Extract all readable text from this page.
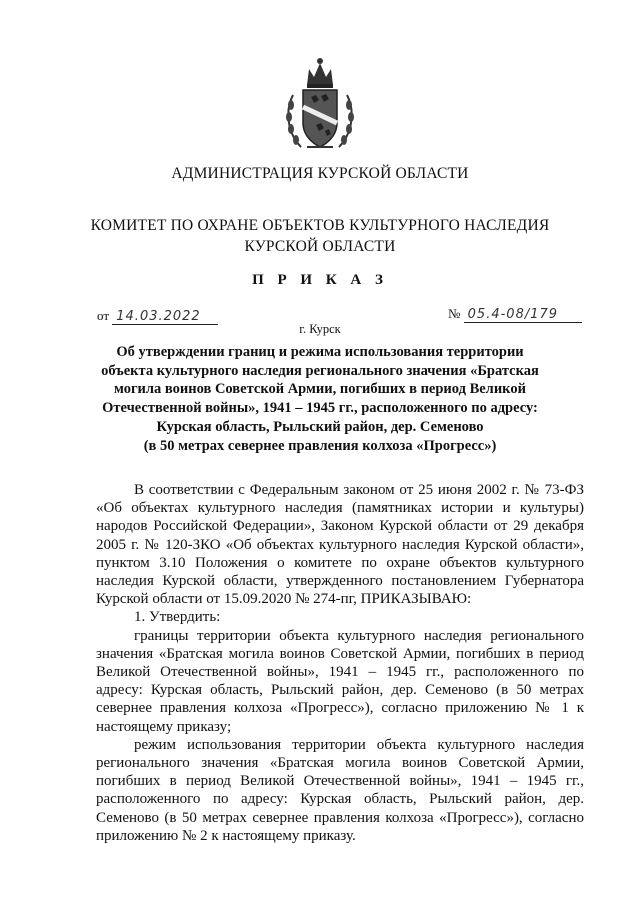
АДМИНИСТРАЦИЯ КУРСКОЙ ОБЛАСТИ
КОМИТЕТ ПО ОХРАНЕ ОБЪЕКТОВ КУЛЬТУРНОГО НАСЛЕДИЯ
КУРСКОЙ ОБЛАСТИ
П Р И К А З
от 14.03.2022	№ 05.4-08/179
г. Курск
Об утверждении границ и режима использования территории
объекта культурного наследия регионального значения «Братская
могила воинов Советской Армии, погибших в период Великой
Отечественной войны», 1941 – 1945 гг., расположенного по адресу:
Курская область, Рыльский район, дер. Семеново
(в 50 метрах севернее правления колхоза «Прогресс»)

В соответствии с Федеральным законом от 25 июня 2002 г. № 73-ФЗ «Об объектах культурного наследия (памятниках истории и культуры) народов Российской Федерации», Законом Курской области от 29 декабря 2005 г. № 120-ЗКО «Об объектах культурного наследия Курской области», пунктом 3.10 Положения о комитете по охране объектов культурного наследия Курской области, утвержденного постановлением Губернатора Курской области от 15.09.2020 № 274-пг, ПРИКАЗЫВАЮ:

1. Утвердить:

границы территории объекта культурного наследия регионального значения «Братская могила воинов Советской Армии, погибших в период Великой Отечественной войны», 1941 – 1945 гг., расположенного по адресу: Курская область, Рыльский район, дер. Семеново (в 50 метрах севернее правления колхоза «Прогресс»), согласно приложению № 1 к настоящему приказу;

режим использования территории объекта культурного наследия регионального значения «Братская могила воинов Советской Армии, погибших в период Великой Отечественной войны», 1941 – 1945 гг., расположенного по адресу: Курская область, Рыльский район, дер. Семеново (в 50 метрах севернее правления колхоза «Прогресс»), согласно приложению № 2 к настоящему приказу.
